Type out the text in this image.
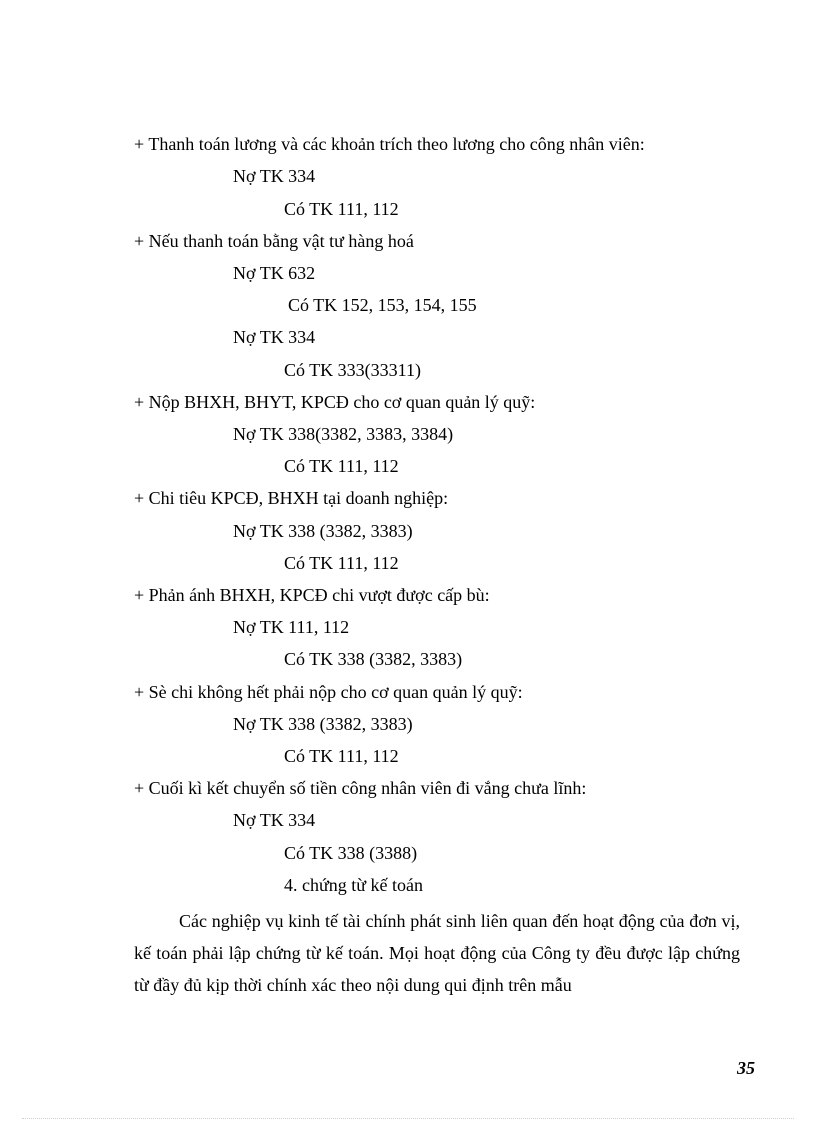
+ Thanh toán lương và các khoản trích theo lương cho công nhân viên:
Nợ TK 334
Có TK 111, 112
+ Nếu thanh toán bằng vật tư hàng hoá
Nợ TK 632
Có TK 152, 153, 154, 155
Nợ TK 334
Có TK 333(33311)
+ Nộp BHXH, BHYT, KPCĐ cho cơ quan quản lý quỹ:
Nợ TK 338(3382, 3383, 3384)
Có TK 111, 112
+ Chi tiêu KPCĐ, BHXH tại doanh nghiệp:
Nợ TK 338 (3382, 3383)
Có TK 111, 112
+ Phản ánh BHXH, KPCĐ chi vượt được cấp bù:
Nợ TK 111, 112
Có TK 338 (3382, 3383)
+ Sè chi không hết phải nộp cho cơ quan quản lý quỹ:
Nợ TK 338 (3382, 3383)
Có TK 111, 112
+ Cuối kì kết chuyển số tiền công nhân viên đi vắng chưa lĩnh:
Nợ TK 334
Có TK 338 (3388)
4. chứng từ kế toán
Các nghiệp vụ kinh tế tài chính phát sinh liên quan đến hoạt động của đơn vị, kế toán phải lập chứng từ kế toán. Mọi hoạt động của Công ty đều được lập chứng từ đầy đủ kịp thời chính xác theo nội dung qui định trên mẫu
35
